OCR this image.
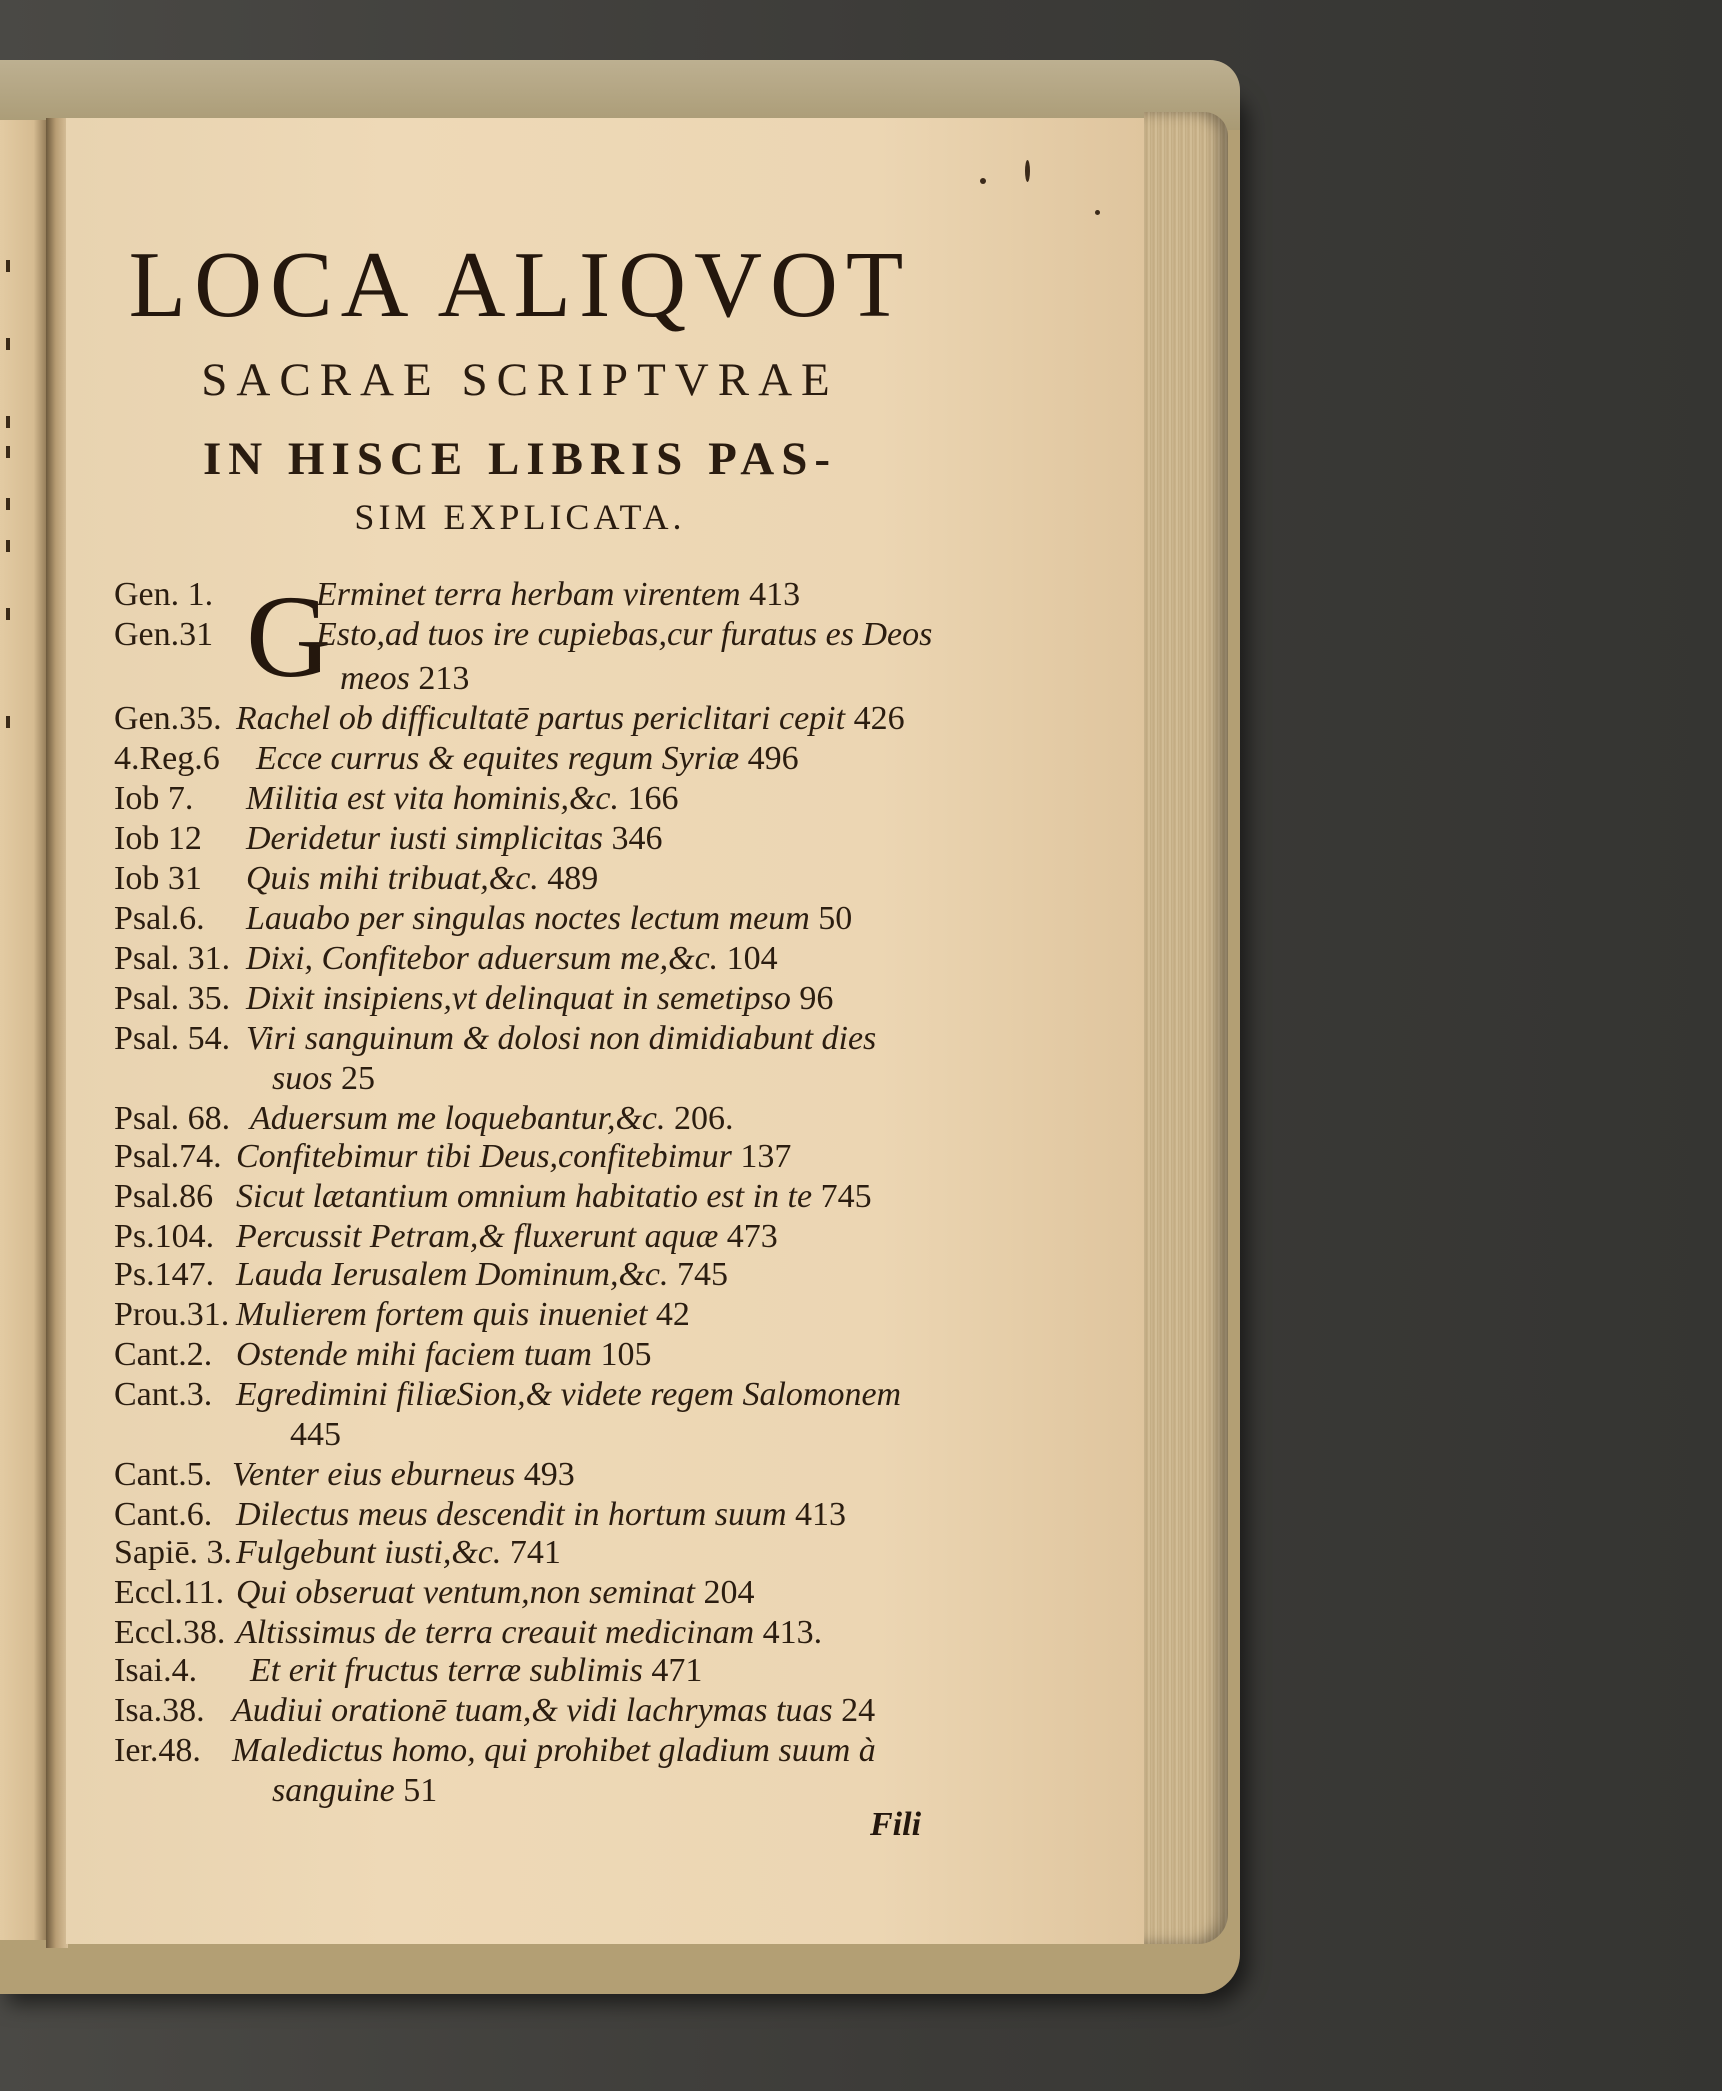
LOCA ALIQVOT
SACRAE SCRIPTVRAE
IN HISCE LIBRIS PAS-
SIM EXPLICATA.
G
Gen. 1.	Erminet terra herbam virentem 413
Gen.31	Esto,ad tuos ire cupiebas,cur furatus es Deos
meos 213
Gen.35. Rachel ob difficultatē partus periclitari cepit 426
4.Reg.6 Ecce currus & equites regum Syriæ 496
Iob 7. Militia est vita hominis,&c. 166
Iob 12 Deridetur iusti simplicitas 346
Iob 31 Quis mihi tribuat,&c. 489
Psal.6. Lauabo per singulas noctes lectum meum 50
Psal. 31. Dixi, Confitebor aduersum me,&c. 104
Psal. 35. Dixit insipiens,vt delinquat in semetipso 96
Psal. 54. Viri sanguinum & dolosi non dimidiabunt dies
suos 25
Psal. 68. Aduersum me loquebantur,&c. 206.
Psal.74. Confitebimur tibi Deus,confitebimur 137
Psal.86 Sicut lætantium omnium habitatio est in te 745
Ps.104. Percussit Petram,& fluxerunt aquæ 473
Ps.147. Lauda Ierusalem Dominum,&c. 745
Prou.31. Mulierem fortem quis inueniet 42
Cant.2. Ostende mihi faciem tuam 105
Cant.3. Egredimini filiæSion,& videte regem Salomonem
445
Cant.5. Venter eius eburneus 493
Cant.6. Dilectus meus descendit in hortum suum 413
Sapiē. 3. Fulgebunt iusti,&c. 741
Eccl.11. Qui obseruat ventum,non seminat 204
Eccl.38. Altissimus de terra creauit medicinam 413.
Isai.4. Et erit fructus terræ sublimis 471
Isa.38. Audiui orationē tuam,& vidi lachrymas tuas 24
Ier.48. Maledictus homo, qui prohibet gladium suum à
sanguine 51
Fili
